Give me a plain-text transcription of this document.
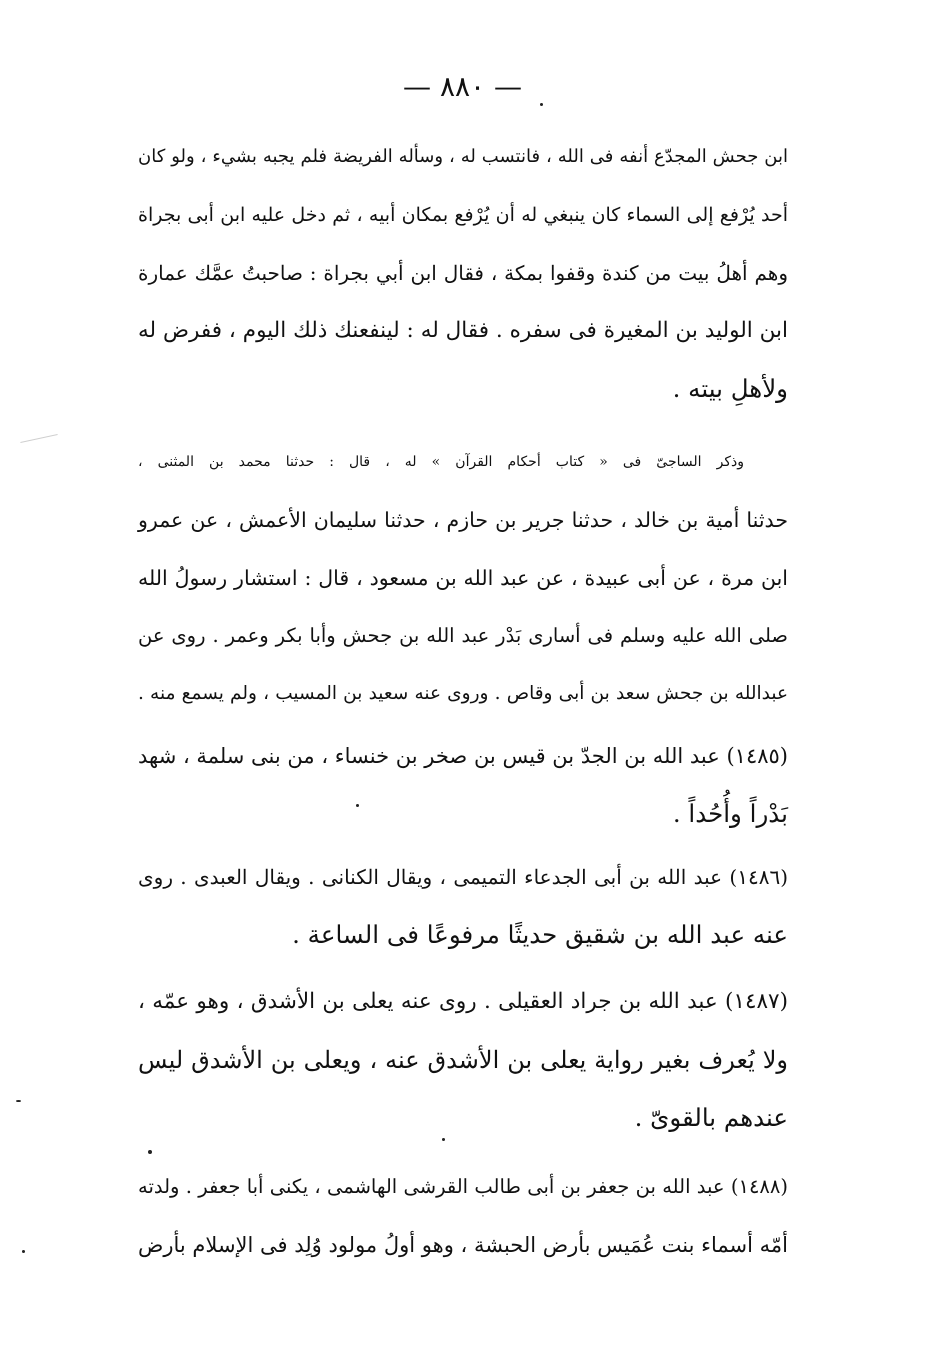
— ٨٨٠ —
ابن جحش المجدّع أنفه فى الله ، فانتسب له ، وسأله الفريضة فلم يجبه بشيء ، ولو كان
أحد يُرْفع إلى السماء كان ينبغي له أن يُرْفع بمكان أبيه ، ثم دخل عليه ابن أبى بجراة
وهم أهلُ بيت من كندة وقفوا بمكة ، فقال ابن أبي بجراة : صاحبتُ عمَّك عمارة
ابن الوليد بن المغيرة فى سفره . فقال له : لينفعنك ذلك اليوم ، ففرض له
ولأهلِ بيته .
وذكر الساجىّ فى « كتاب أحكام القرآن » له ، قال : حدثنا محمد بن المثنى ،
حدثنا أمية بن خالد ، حدثنا جرير بن حازم ، حدثنا سليمان الأعمش ، عن عمرو
ابن مرة ، عن أبى عبيدة ، عن عبد الله بن مسعود ، قال : استشار رسولُ الله
صلى الله عليه وسلم فى أسارى بَدْر عبد الله بن جحش وأبا بكر وعمر . روى عن
عبدالله بن جحش سعد بن أبى وقاص . وروى عنه سعيد بن المسيب ، ولم يسمع منه .
(١٤٨٥) عبد الله بن الجدّ بن قيس بن صخر بن خنساء ، من بنى سلمة ، شهد
بَدْراً وأُحُداً .
(١٤٨٦) عبد الله بن أبى الجدعاء التميمى ، ويقال الكنانى . ويقال العبدى . روى
عنه عبد الله بن شقيق حديثًا مرفوعًا فى الساعة .
(١٤٨٧) عبد الله بن جراد العقيلى . روى عنه يعلى بن الأشدق ، وهو عمّه ،
ولا يُعرف بغير رواية يعلى بن الأشدق عنه ، ويعلى بن الأشدق ليس
عندهم بالقوىّ .
(١٤٨٨) عبد الله بن جعفر بن أبى طالب القرشى الهاشمى ، يكنى أبا جعفر . ولدته
أمّه أسماء بنت عُمَيس بأرض الحبشة ، وهو أولُ مولود وُلِد فى الإسلام بأرض
